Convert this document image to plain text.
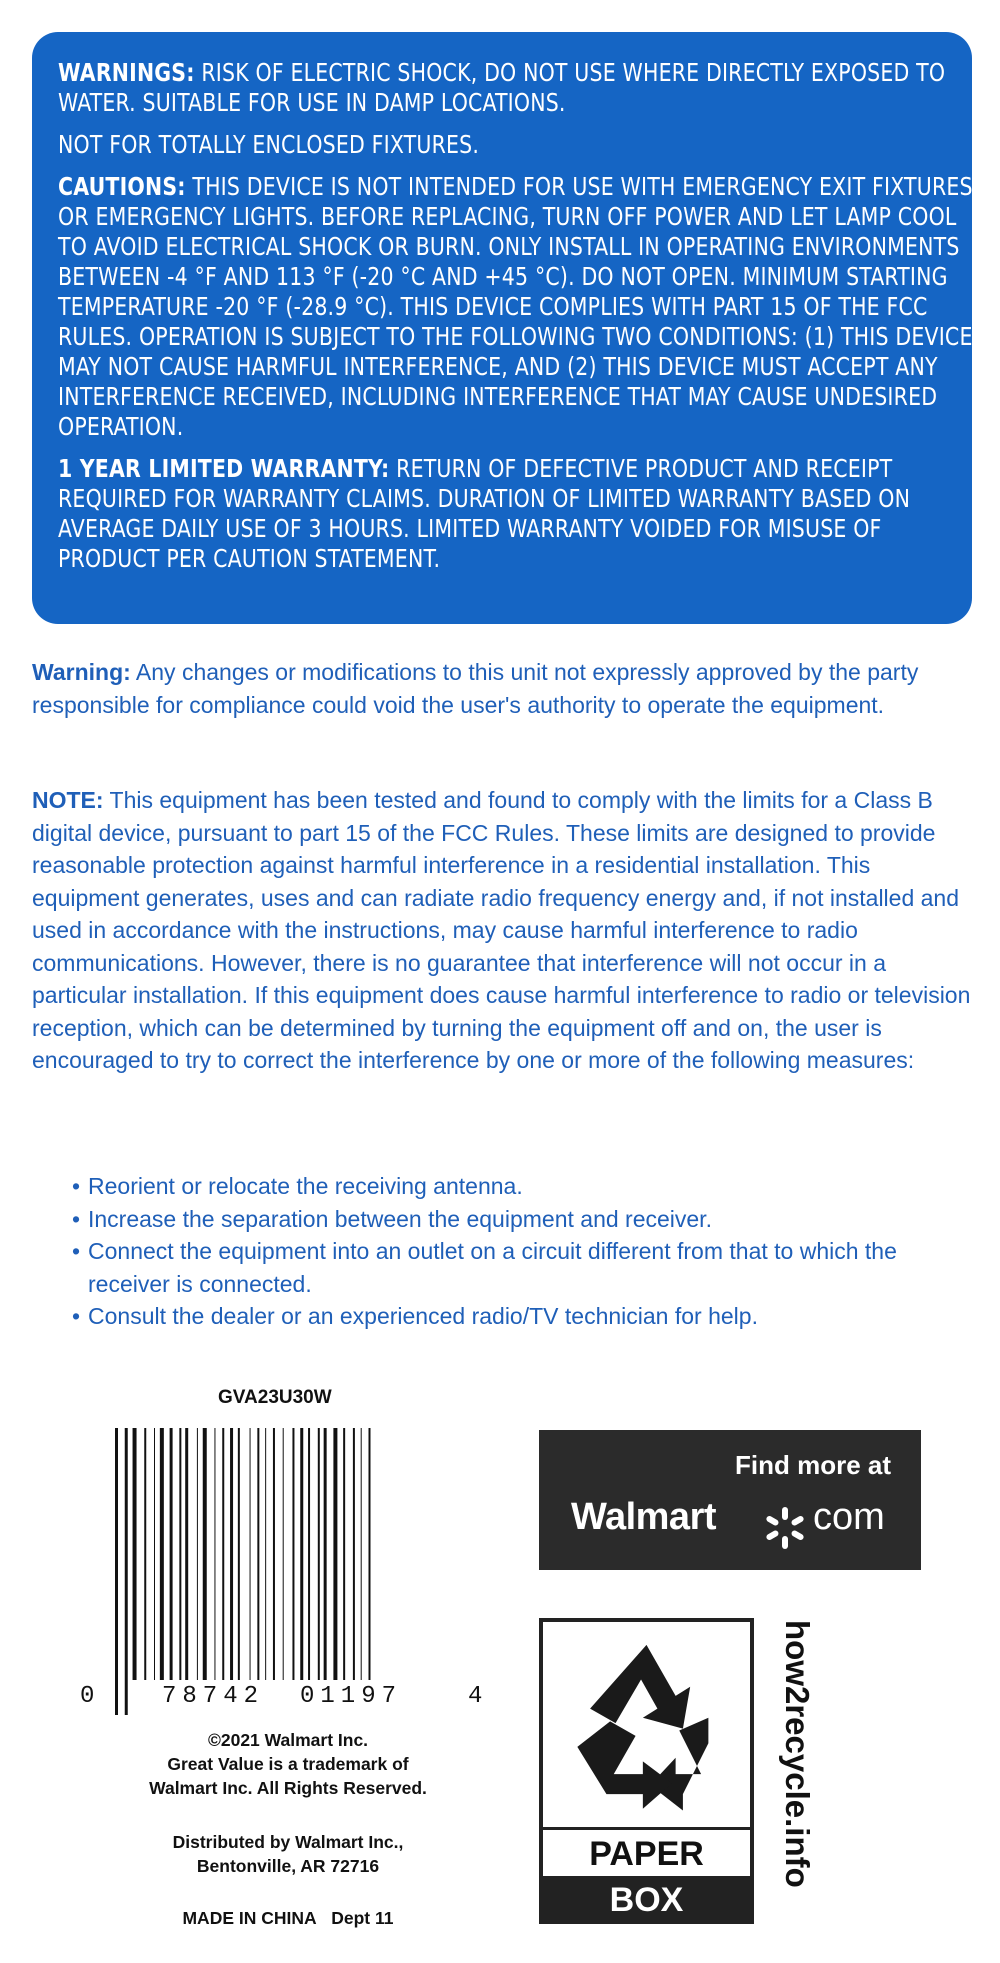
WARNINGS: RISK OF ELECTRIC SHOCK, DO NOT USE WHERE DIRECTLY EXPOSED TO WATER. SUITABLE FOR USE IN DAMP LOCATIONS.

NOT FOR TOTALLY ENCLOSED FIXTURES.

CAUTIONS: THIS DEVICE IS NOT INTENDED FOR USE WITH EMERGENCY EXIT FIXTURES OR EMERGENCY LIGHTS. BEFORE REPLACING, TURN OFF POWER AND LET LAMP COOL TO AVOID ELECTRICAL SHOCK OR BURN. ONLY INSTALL IN OPERATING ENVIRONMENTS BETWEEN -4 °F AND 113 °F (-20 °C AND +45 °C). DO NOT OPEN. MINIMUM STARTING TEMPERATURE -20 °F (-28.9 °C). THIS DEVICE COMPLIES WITH PART 15 OF THE FCC RULES. OPERATION IS SUBJECT TO THE FOLLOWING TWO CONDITIONS: (1) THIS DEVICE MAY NOT CAUSE HARMFUL INTERFERENCE, AND (2) THIS DEVICE MUST ACCEPT ANY INTERFERENCE RECEIVED, INCLUDING INTERFERENCE THAT MAY CAUSE UNDESIRED OPERATION.

1 YEAR LIMITED WARRANTY: RETURN OF DEFECTIVE PRODUCT AND RECEIPT REQUIRED FOR WARRANTY CLAIMS. DURATION OF LIMITED WARRANTY BASED ON AVERAGE DAILY USE OF 3 HOURS. LIMITED WARRANTY VOIDED FOR MISUSE OF PRODUCT PER CAUTION STATEMENT.

Warning: Any changes or modifications to this unit not expressly approved by the party responsible for compliance could void the user's authority to operate the equipment.

NOTE: This equipment has been tested and found to comply with the limits for a Class B digital device, pursuant to part 15 of the FCC Rules. These limits are designed to provide reasonable protection against harmful interference in a residential installation. This equipment generates, uses and can radiate radio frequency energy and, if not installed and used in accordance with the instructions, may cause harmful interference to radio communications. However, there is no guarantee that interference will not occur in a particular installation. If this equipment does cause harmful interference to radio or television reception, which can be determined by turning the equipment off and on, the user is encouraged to try to correct the interference by one or more of the following measures:

• Reorient or relocate the receiving antenna.
• Increase the separation between the equipment and receiver.
• Connect the equipment into an outlet on a circuit different from that to which the receiver is connected.
• Consult the dealer or an experienced radio/TV technician for help.
GVA23U30W
0	78742 01197	4
©2021 Walmart Inc.
Great Value is a trademark of
Walmart Inc. All Rights Reserved.
Distributed by Walmart Inc.,
Bentonville, AR 72716
MADE IN CHINA Dept 11
Find more at
Walmart	com
PAPER
BOX
how2recycle.info
